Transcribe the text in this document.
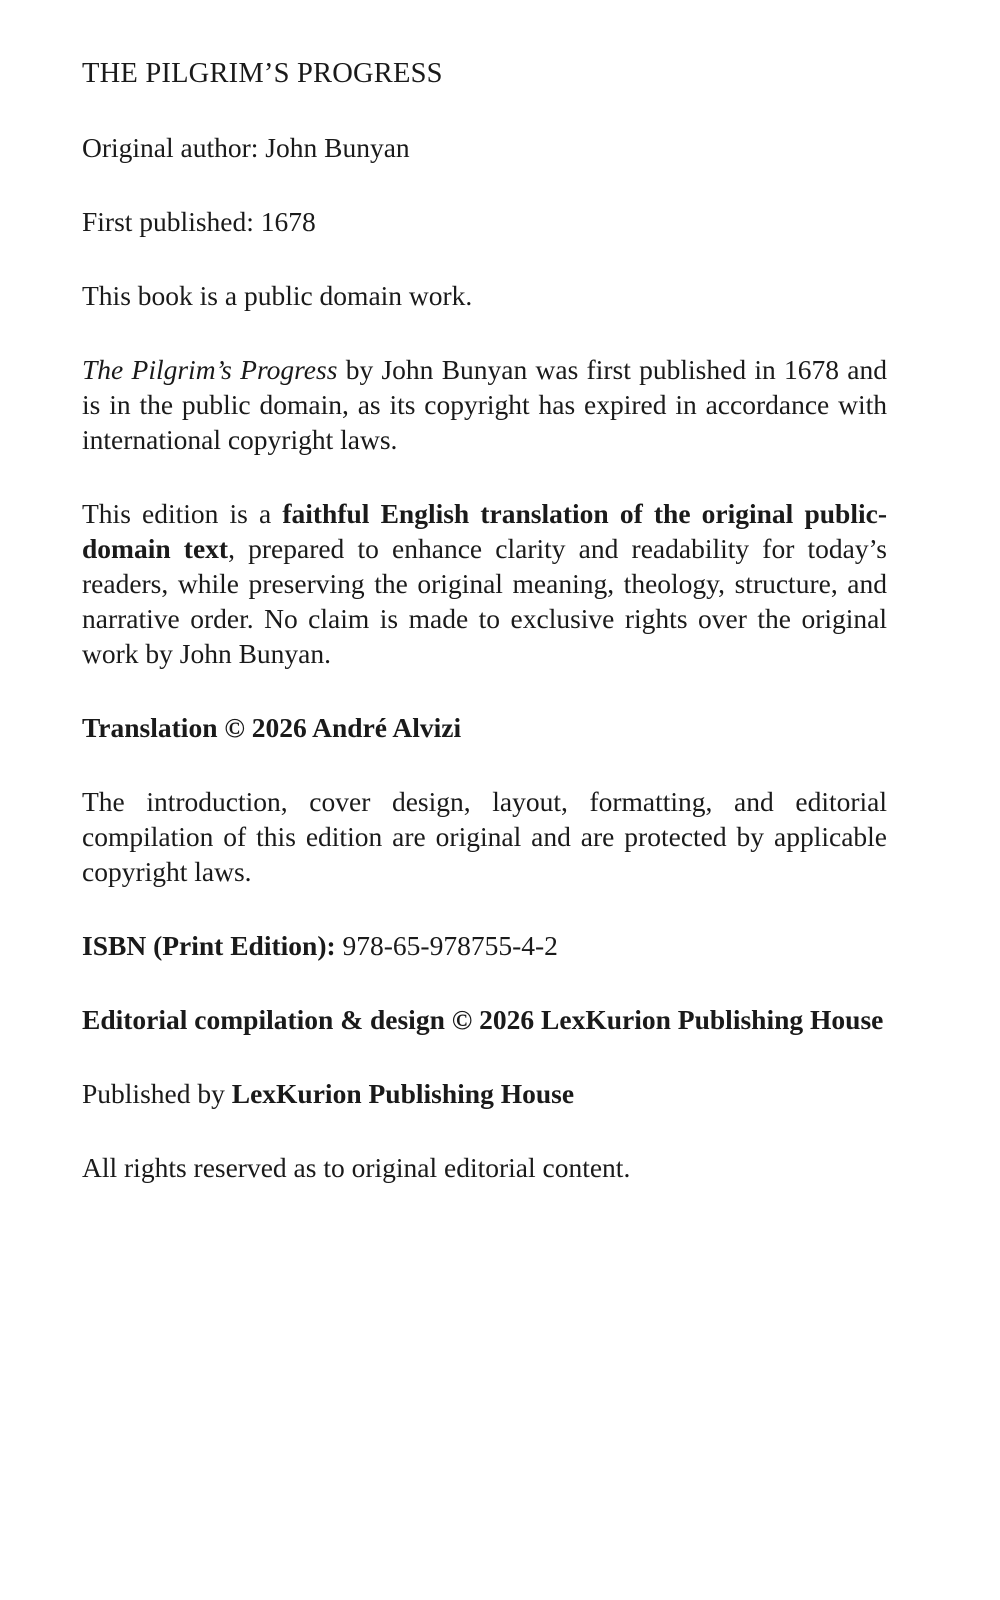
THE PILGRIM’S PROGRESS
Original author: John Bunyan
First published: 1678
This book is a public domain work.
The Pilgrim’s Progress by John Bunyan was first published in 1678 and is in the public domain, as its copyright has expired in accordance with international copyright laws.
This edition is a faithful English translation of the original public-domain text, prepared to enhance clarity and readability for today’s readers, while preserving the original meaning, theology, structure, and narrative order. No claim is made to exclusive rights over the original work by John Bunyan.
Translation © 2026 André Alvizi
The introduction, cover design, layout, formatting, and editorial compilation of this edition are original and are protected by applicable copyright laws.
ISBN (Print Edition): 978-65-978755-4-2
Editorial compilation & design © 2026 LexKurion Publishing House
Published by LexKurion Publishing House
All rights reserved as to original editorial content.
